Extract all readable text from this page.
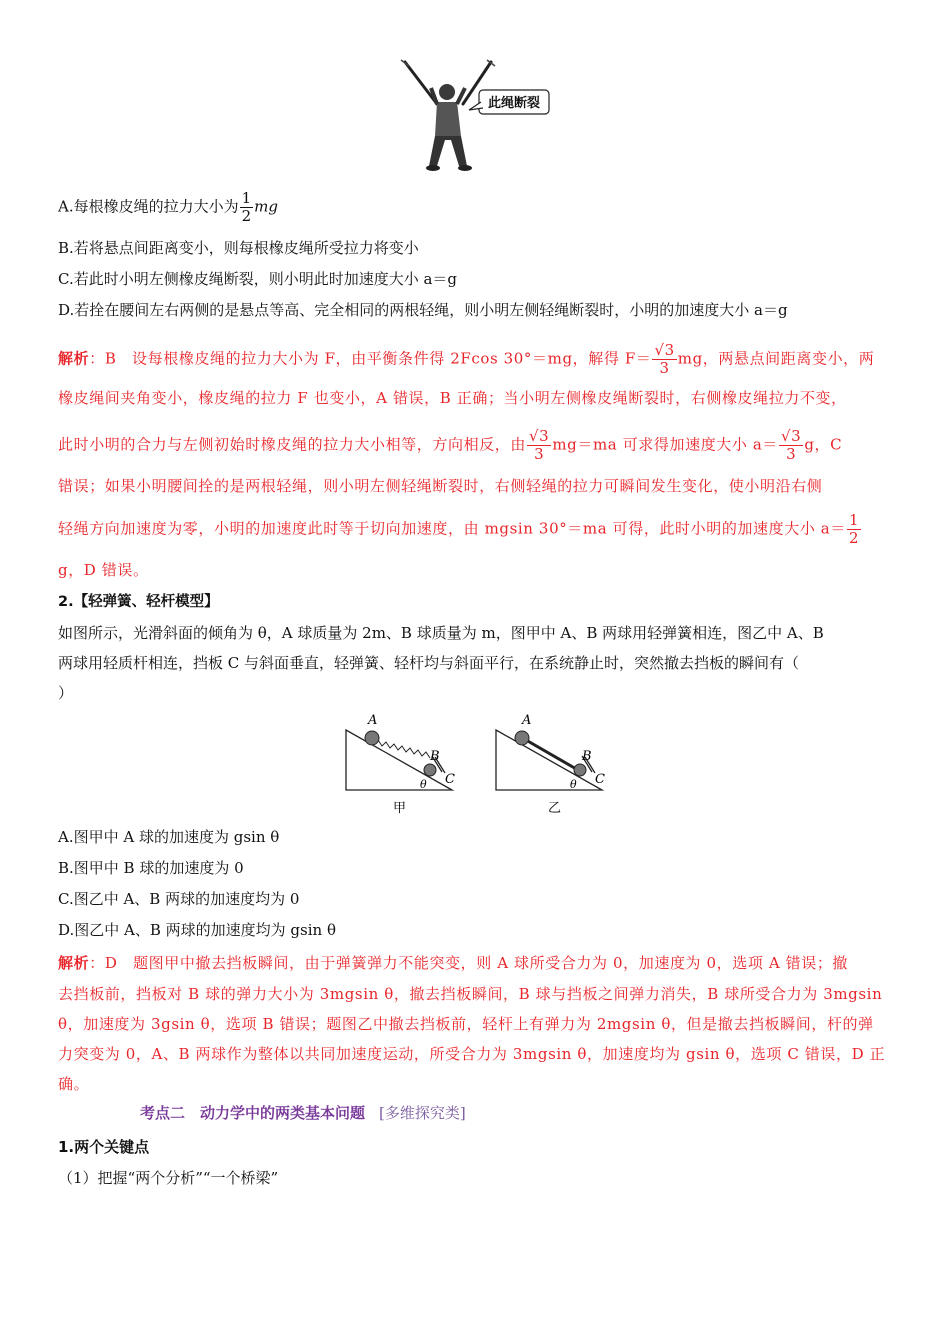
此绳断裂
A.每根橡皮绳的拉力大小为 $\frac{1}{2}$ mg
B.若将悬点间距离变小，则每根橡皮绳所受拉力将变小
C.若此时小明左侧橡皮绳断裂，则小明此时加速度大小 a＝g
D.若拴在腰间左右两侧的是悬点等高、完全相同的两根轻绳，则小明左侧轻绳断裂时，小明的加速度大小 a＝g
解析：B　 设每根橡皮绳的拉力大小为 F，由平衡条件得 2Fcos 30°＝mg，解得 $F= \frac{√3}{3}$ mg，两悬点间距离变小，两
橡皮绳间夹角变小，橡皮绳的拉力 F 也变小，A 错误，B 正确；当小明左侧橡皮绳断裂时，右侧橡皮绳拉力不变，
此时小明的合力与左侧初始时橡皮绳的拉力大小相等，方向相反，由 $\frac{√3}{3} mg=ma$ 可求得加速度大小 $a= \frac{√3}{3}$ g，C
错误；如果小明腰间拴的是两根轻绳，则小明左侧轻绳断裂时，右侧轻绳的拉力可瞬间发生变化，使小明沿右侧
轻绳方向加速度为零，小明的加速度此时等于切向加速度，由 mgsin 30°＝ma 可得，此时小明的加速度大小 $a= \frac{1}{2}$
g，D 错误。
2.【轻弹簧、轻杆模型】
如图所示，光滑斜面的倾角为 θ，A 球质量为 2m、B 球质量为 m，图甲中 A、B 两球用轻弹簧相连，图乙中 A、B
两球用轻质杆相连，挡板 C 与斜面垂直，轻弹簧、轻杆均与斜面平行，在系统静止时，突然撤去挡板的瞬间有（
）
A
B
C
θ
甲
A
B
C
θ
乙
A.图甲中 A 球的加速度为 gsin θ
B.图甲中 B 球的加速度为 0
C.图乙中 A、B 两球的加速度均为 0
D.图乙中 A、B 两球的加速度均为 gsin θ
解析：D　 题图甲中撤去挡板瞬间，由于弹簧弹力不能突变，则 A 球所受合力为 0，加速度为 0，选项 A 错误；撤
去挡板前，挡板对 B 球的弹力大小为 3mgsin θ，撤去挡板瞬间，B 球与挡板之间弹力消失，B 球所受合力为 3mgsin
θ，加速度为 3gsin θ，选项 B 错误；题图乙中撤去挡板前，轻杆上有弹力为 2mgsin θ，但是撤去挡板瞬间，杆的弹
力突变为 0，A、B 两球作为整体以共同加速度运动，所受合力为 3mgsin θ，加速度均为 gsin θ，选项 C 错误，D 正
确。
考点二　动力学中的两类基本问题 [多维探究类]
1.两个关键点
（1）把握“两个分析”“一个桥梁”
